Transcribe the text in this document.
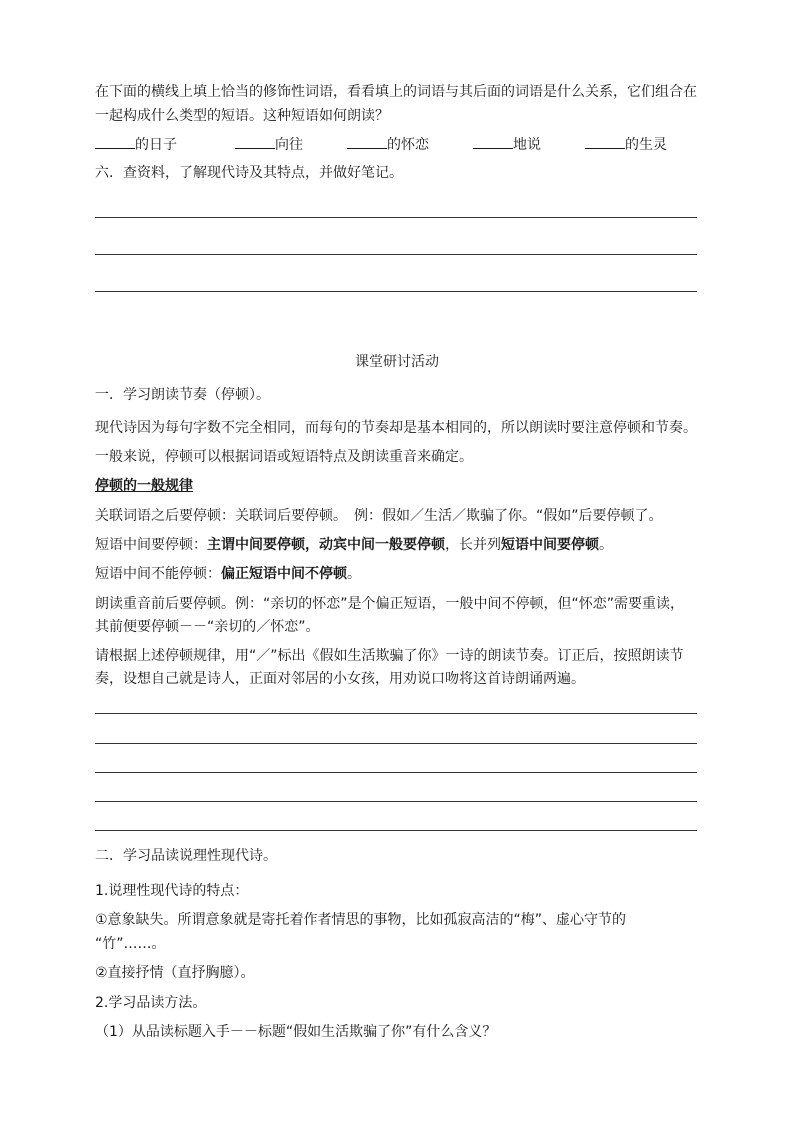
在下面的横线上填上恰当的修饰性词语，看看填上的词语与其后面的词语是什么关系，它们组合在
一起构成什么类型的短语。这种短语如何朗读？
的日子	向往	的怀恋	地说	的生灵
六．查资料，了解现代诗及其特点，并做好笔记。
课堂研讨活动
一．学习朗读节奏（停顿）。
现代诗因为每句字数不完全相同，而每句的节奏却是基本相同的，所以朗读时要注意停顿和节奏。
一般来说，停顿可以根据词语或短语特点及朗读重音来确定。
停顿的一般规律
关联词语之后要停顿：关联词后要停顿。　例：假如／生活／欺骗了你。“假如”后要停顿了。
短语中间要停顿：主谓中间要停顿，动宾中间一般要停顿，长并列短语中间要停顿。
短语中间不能停顿：偏正短语中间不停顿。
朗读重音前后要停顿。例：“亲切的怀恋”是个偏正短语，一般中间不停顿，但“怀恋”需要重读，
其前便要停顿－－“亲切的／怀恋”。
请根据上述停顿规律，用“／”标出《假如生活欺骗了你》一诗的朗读节奏。订正后，按照朗读节
奏，设想自己就是诗人，正面对邻居的小女孩，用劝说口吻将这首诗朗诵两遍。
二．学习品读说理性现代诗。
1.说理性现代诗的特点：
①意象缺失。所谓意象就是寄托着作者情思的事物，比如孤寂高洁的“梅”、虚心守节的
“竹”……。
②直接抒情（直抒胸臆）。
2.学习品读方法。
（1）从品读标题入手－－标题“假如生活欺骗了你”有什么含义？
